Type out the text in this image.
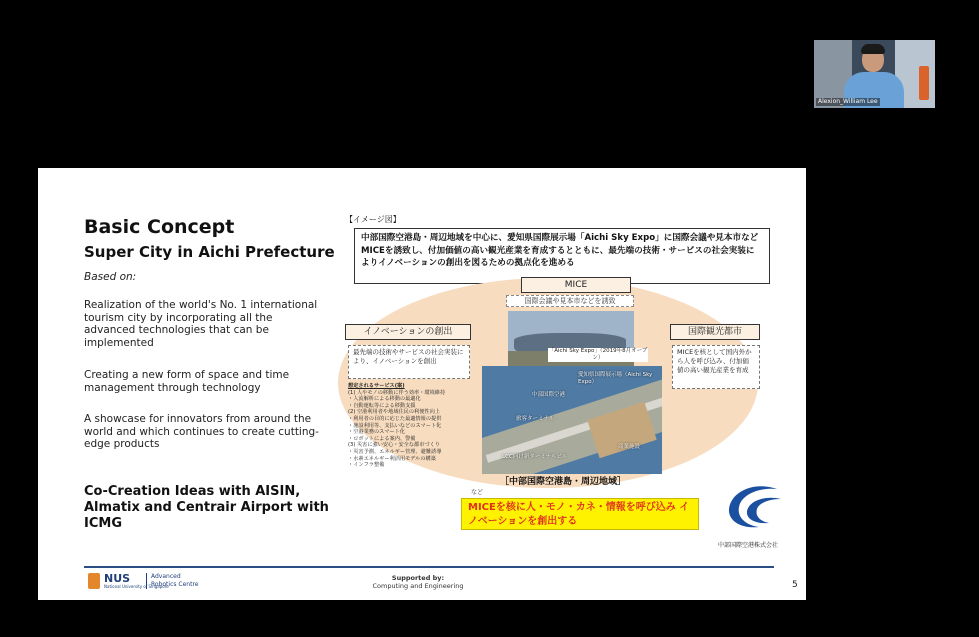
Alexion_William Lee
Basic Concept
Super City in Aichi Prefecture
Based on:
Realization of the world's No. 1 international tourism city by incorporating all the advanced technologies that can be implemented
Creating a new form of space and time management through technology
A showcase for innovators from around the world and which continues to create cutting-edge products
Co-Creation Ideas with AISIN, Almatix and Centrair Airport with ICMG
【イメージ図】
中部国際空港島・周辺地域を中心に、愛知県国際展示場「Aichi Sky Expo」に国際会議や見本市などMICEを誘致し、付加価値の高い観光産業を育成するとともに、最先端の技術・サービスの社会実装によりイノベーションの創出を図るための拠点化を進める
MICE
国際会議や見本市などを誘致
「Aichi Sky Expo」（2019年8月オープン）
イノベーションの創出
最先端の技術やサービスの社会実装により、イノベーションを創出
想定されるサービス(案)
(1) 人やモノの移動に伴う効率・環境維持
・人流解析による移動の最適化
・自動運転等による移動支援
(2) 空港利用者や地域住民の利便性向上
・利用者の目的に応じた最適情報の提供
・施設利用等、支払いなどのスマート化
・空港業務のスマート化
・ロボットによる案内、警備
(3) 災害に強い安心・安全な都市づくり
・災害予測、エネルギー管理、避難誘導
・水素エネルギー利活用モデルの構築
・インフラ整備
国際観光都市
MICEを核として国内外から人を呼び込み、付加価値の高い観光産業を育成
愛知県国際展示場（Aichi Sky Expo）
中部国際空港
旅客ターミナル
LCC向け新ターミナルビル
商業施設
［中部国際空港島・周辺地域］
など
MICEを核に人・モノ・カネ・情報を呼び込み イノベーションを創出する
中部国際空港株式会社
NUS
National University of Singapore
Advanced Robotics Centre
Supported by:
Computing and Engineering	5
